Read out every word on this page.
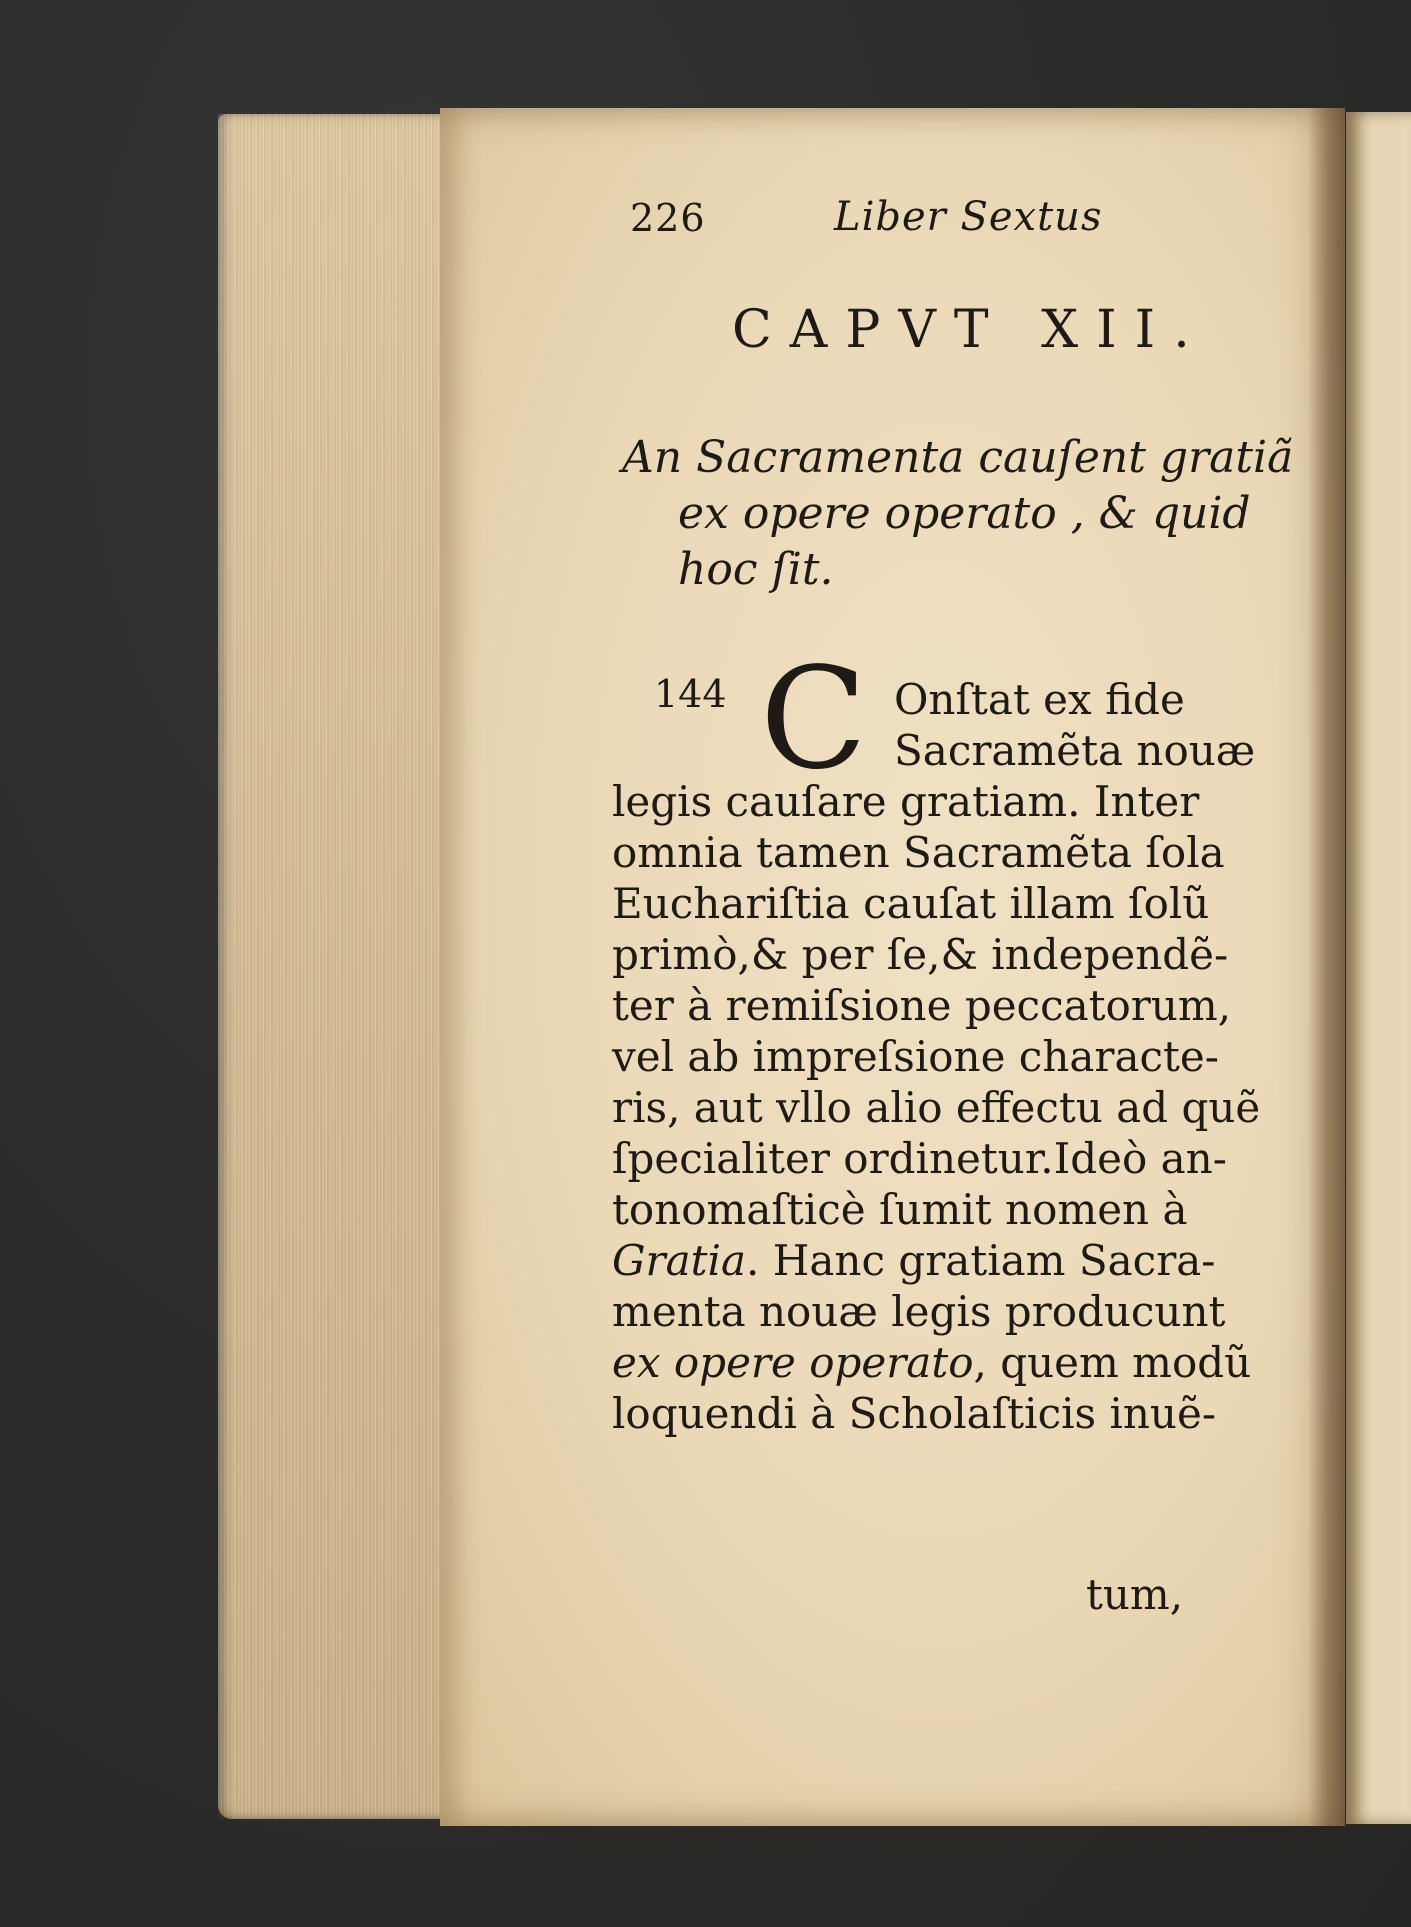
226	Liber Sextus
CAPVT XII.
An Sacramenta cauſent gratiã
ex opere operato , & quid
hoc ſit.
144 C Onſtat ex fide
Sacramẽta nouæ
legis cauſare gratiam. Inter
omnia tamen Sacramẽta ſola
Euchariſtia cauſat illam ſolũ
primò,& per ſe,& independẽ-
ter à remiſsione peccatorum,
vel ab impreſsione characte-
ris, aut vllo alio effectu ad quẽ
ſpecialiter ordinetur.Ideò an-
tonomaſticè ſumit nomen à
Gratia. Hanc gratiam Sacra-
menta nouæ legis producunt
ex opere operato, quem modũ
loquendi à Scholaſticis inuẽ-
tum,
